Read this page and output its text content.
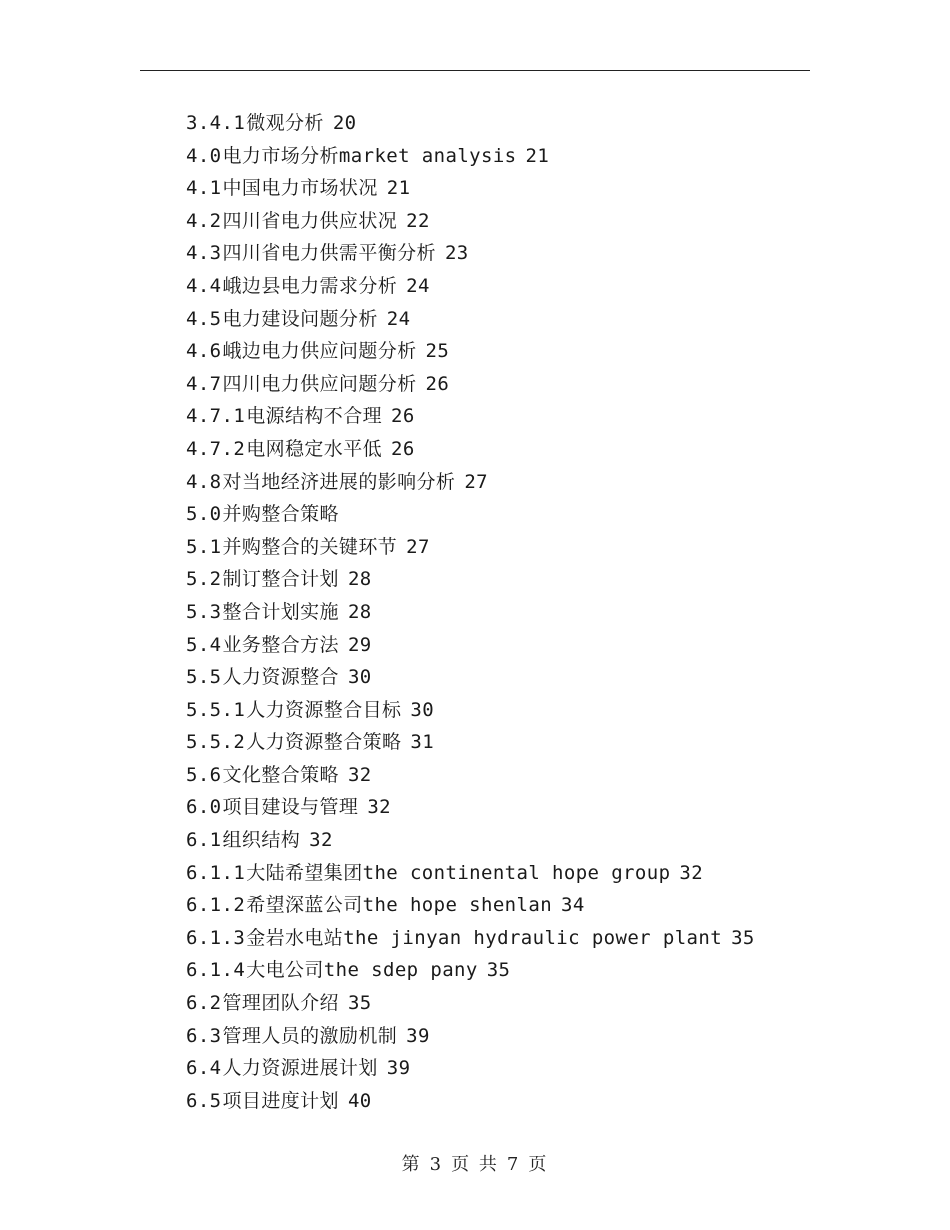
3.4.1微观分析 20
4.0电力市场分析market analysis 21
4.1中国电力市场状况 21
4.2四川省电力供应状况 22
4.3四川省电力供需平衡分析 23
4.4峨边县电力需求分析 24
4.5电力建设问题分析 24
4.6峨边电力供应问题分析 25
4.7四川电力供应问题分析 26
4.7.1电源结构不合理 26
4.7.2电网稳定水平低 26
4.8对当地经济进展的影响分析 27
5.0并购整合策略
5.1并购整合的关键环节 27
5.2制订整合计划 28
5.3整合计划实施 28
5.4业务整合方法 29
5.5人力资源整合 30
5.5.1人力资源整合目标 30
5.5.2人力资源整合策略 31
5.6文化整合策略 32
6.0项目建设与管理 32
6.1组织结构 32
6.1.1大陆希望集团the continental hope group 32
6.1.2希望深蓝公司the hope shenlan 34
6.1.3金岩水电站the jinyan hydraulic power plant 35
6.1.4大电公司the sdep pany 35
6.2管理团队介绍 35
6.3管理人员的激励机制 39
6.4人力资源进展计划 39
6.5项目进度计划 40
第 3 页 共 7 页
